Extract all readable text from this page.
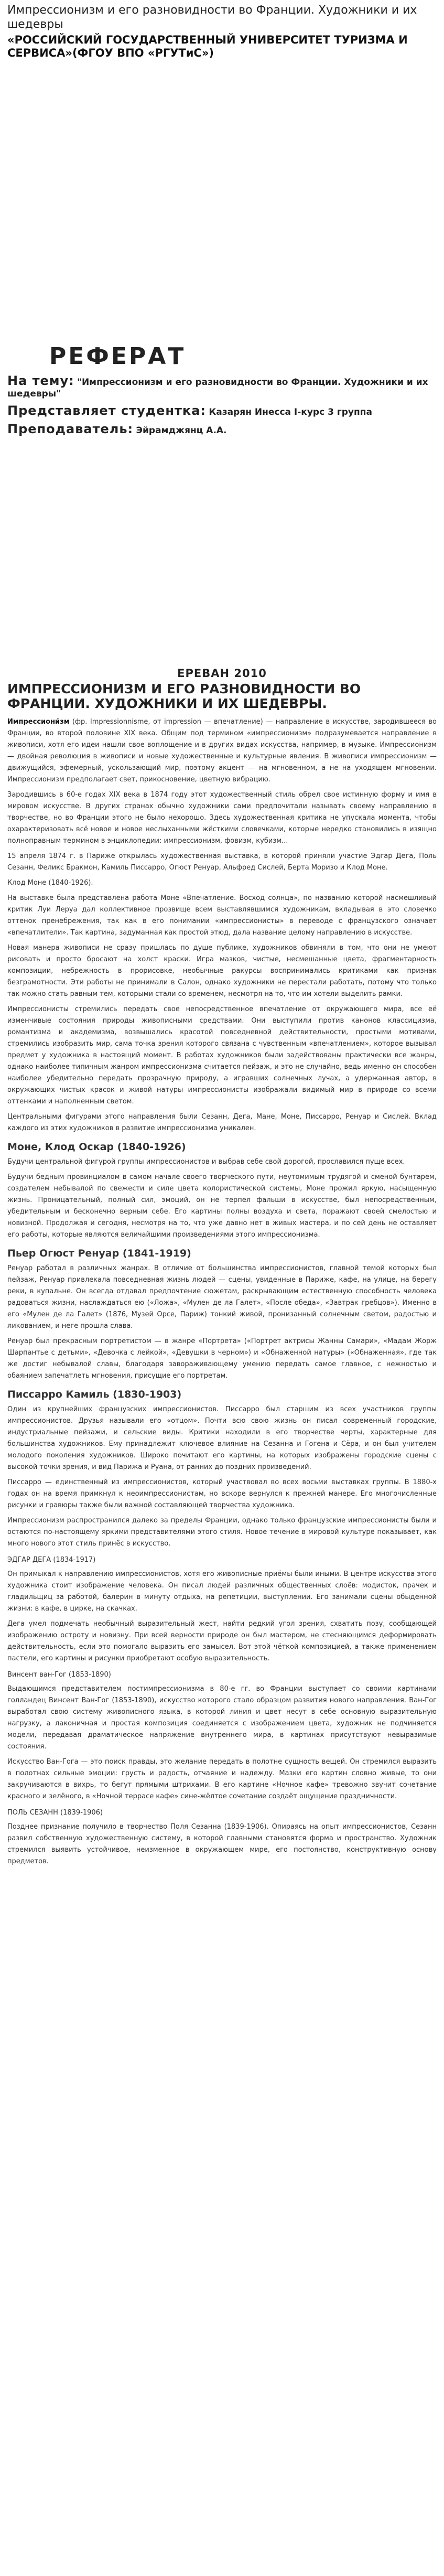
Импрессионизм и его разновидности во Франции. Художники и их шедевры

«РОССИЙСКИЙ ГОСУДАРСТВЕННЫЙ УНИВЕРСИТЕТ ТУРИЗМА И СЕРВИСА»(ФГОУ ВПО «РГУТиС»)

РЕФЕРАТ
На тему: "Импрессионизм и его разновидности во Франции. Художники и их шедевры"
Представляет студентка: Казарян Инесса I-курс 3 группа
Преподаватель: Эйрамджянц А.А.
ЕРЕВАН 2010
ИМПРЕССИОНИЗМ И ЕГО РАЗНОВИДНОСТИ ВО ФРАНЦИИ. ХУДОЖНИКИ И ИХ ШЕДЕВРЫ.

Импрессиони́зм (фр. Impressionnisme, от impression — впечатление) — направление в искусстве, зародившееся во Франции, во второй половине XIX века. Общим под термином «импрессионизм» подразумевается направление в живописи, хотя его идеи нашли свое воплощение и в других видах искусства, например, в музыке. Импрессионизм — двойная революция в живописи и новые художественные и культурные явления. В живописи импрессионизм — движущийся, эфемерный, ускользающий мир, поэтому акцент — на мгновенном, а не на уходящем мгновении. Импрессионизм предполагает свет, прикосновение, цветную вибрацию.

Зародившись в 60-е годах XIX века в 1874 году этот художественный стиль обрел свое истинную форму и имя в мировом искусстве. В других странах обычно художники сами предпочитали называть своему направлению в творчестве, но во Франции этого не было нехорошо. Здесь художественная критика не упускала момента, чтобы охарактеризовать всё новое и новое неслыханными жёсткими словечками, которые нередко становились в изящно полноправным термином в энциклопедии: импрессионизм, фовизм, кубизм...

15 апреля 1874 г. в Париже открылась художественная выставка, в которой приняли участие Эдгар Дега, Поль Сезанн, Феликс Бракмон, Камиль Писсарро, Огюст Ренуар, Альфред Сислей, Берта Моризо и Клод Моне.

Клод Моне (1840-1926).

На выставке была представлена работа Моне «Впечатление. Восход солнца», по названию которой насмешливый критик Луи Леруа дал коллективное прозвище всем выставлявшимся художникам, вкладывая в это словечко оттенок пренебрежения, так как в его понимании «импрессионисты» в переводе с французского означает «впечатлители». Так картина, задуманная как простой этюд, дала название целому направлению в искусстве.

Новая манера живописи не сразу пришлась по душе публике, художников обвиняли в том, что они не умеют рисовать и просто бросают на холст краски. Игра мазков, чистые, несмешанные цвета, фрагментарность композиции, небрежность в прорисовке, необычные ракурсы воспринимались критиками как признак безграмотности. Эти работы не принимали в Салон, однако художники не перестали работать, потому что только так можно стать равным тем, которыми стали со временем, несмотря на то, что им хотели выделить рамки.

Импрессионисты стремились передать свое непосредственное впечатление от окружающего мира, все её изменчивые состояния природы живописными средствами. Они выступили против канонов классицизма, романтизма и академизма, возвышались красотой повседневной действительности, простыми мотивами, стремились изобразить мир, сама точка зрения которого связана с чувственным «впечатлением», которое вызывал предмет у художника в настоящий момент. В работах художников были задействованы практически все жанры, однако наиболее типичным жанром импрессионизма считается пейзаж, и это не случайно, ведь именно он способен наиболее убедительно передать прозрачную природу, а игравших солнечных лучах, а удержанная автор, в окружающих чистых красок и живой натуры импрессионисты изображали видимый мир в природе со всеми оттенками и наполненным светом.

Центральными фигурами этого направления были Сезанн, Дега, Мане, Моне, Писсарро, Ренуар и Сислей. Вклад каждого из этих художников в развитие импрессионизма уникален.

Моне, Клод Оскар (1840-1926)

Будучи центральной фигурой группы импрессионистов и выбрав себе свой дорогой, прославился пуще всех.

Будучи бедным провинциалом в самом начале своего творческого пути, неутомимым трудягой и сменой бунтарем, создателем небывалой по свежести и силе цвета колористической системы, Моне прожил яркую, насыщенную жизнь. Проницательный, полный сил, эмоций, он не терпел фальши в искусстве, был непосредственным, убедительным и бесконечно верным себе. Его картины полны воздуха и света, поражают своей смелостью и новизной. Продолжая и сегодня, несмотря на то, что уже давно нет в живых мастера, и по сей день не оставляет его работы, которые являются величайшими произведениями этого импрессионизма.

Пьер Огюст Ренуар (1841-1919)

Ренуар работал в различных жанрах. В отличие от большинства импрессионистов, главной темой которых был пейзаж, Ренуар привлекала повседневная жизнь людей — сцены, увиденные в Париже, кафе, на улице, на берегу реки, в купальне. Он всегда отдавал предпочтение сюжетам, раскрывающим естественную способность человека радоваться жизни, наслаждаться ею («Ложа», «Мулен де ла Галет», «После обеда», «Завтрак гребцов»). Именно в его «Мулен де ла Галет» (1876, Музей Орсе, Париж) тонкий живой, пронизанный солнечным светом, радостью и ликованием, и неге прошла слава.

Ренуар был прекрасным портретистом — в жанре «Портрета» («Портрет актрисы Жанны Самари», «Мадам Жорж Шарпантье с детьми», «Девочка с лейкой», «Девушки в черном») и «Обнаженной натуры» («Обнаженная», где так же достиг небывалой славы, благодаря завораживающему умению передать самое главное, с нежностью и обаянием запечатлеть мгновения, присущие его портретам.

Писсарро Камиль (1830-1903)

Один из крупнейших французских импрессионистов. Писсарро был старшим из всех участников группы импрессионистов. Друзья называли его «отцом». Почти всю свою жизнь он писал современный городские, индустриальные пейзажи, и сельские виды. Критики находили в его творчестве черты, характерные для большинства художников. Ему принадлежит ключевое влияние на Сезанна и Гогена и Сёра, и он был учителем молодого поколения художников. Широко почитают его картины, на которых изображены городские сцены с высокой точки зрения, и вид Парижа и Руана, от ранних до поздних произведений.

Писсарро — единственный из импрессионистов, который участвовал во всех восьми выставках группы. В 1880-х годах он на время примкнул к неоимпрессионистам, но вскоре вернулся к прежней манере. Его многочисленные рисунки и гравюры также были важной составляющей творчества художника.

Импрессионизм распространился далеко за пределы Франции, однако только французские импрессионисты были и остаются по-настоящему яркими представителями этого стиля. Новое течение в мировой культуре показывает, как много нового этот стиль принёс в искусство.

ЭДГАР ДЕГА (1834-1917)

Он примыкал к направлению импрессионистов, хотя его живописные приёмы были иными. В центре искусства этого художника стоит изображение человека. Он писал людей различных общественных слоёв: модисток, прачек и гладильщиц за работой, балерин в минуту отдыха, на репетиции, выступлении. Его занимали сцены обыденной жизни: в кафе, в цирке, на скачках.

Дега умел подмечать необычный выразительный жест, найти редкий угол зрения, схватить позу, сообщающей изображению остроту и новизну. При всей верности природе он был мастером, не стесняющимся деформировать действительность, если это помогало выразить его замысел. Вот этой чёткой композицией, а также применением пастели, его картины и рисунки приобретают особую выразительность.

Винсент ван-Гог (1853-1890)

Выдающимся представителем постимпрессионизма в 80-е гг. во Франции выступает со своими картинами голландец Винсент Ван-Гог (1853-1890), искусство которого стало образцом развития нового направления. Ван-Гог выработал свою систему живописного языка, в которой линия и цвет несут в себе основную выразительную нагрузку, а лаконичная и простая композиция соединяется с изображением цвета, художник не подчиняется модели, передавая драматическое напряжение внутреннего мира, в картинах присутствуют невыразимые состояния.

Искусство Ван-Гога — это поиск правды, это желание передать в полотне сущность вещей. Он стремился выразить в полотнах сильные эмоции: грусть и радость, отчаяние и надежду. Мазки его картин словно живые, то они закручиваются в вихрь, то бегут прямыми штрихами. В его картине «Ночное кафе» тревожно звучит сочетание красного и зелёного, в «Ночной террасе кафе» сине-жёлтое сочетание создаёт ощущение праздничности.

ПОЛЬ СЕЗАНН (1839-1906)

Позднее признание получило в творчество Поля Сезанна (1839-1906). Опираясь на опыт импрессионистов, Сезанн развил собственную художественную систему, в которой главными становятся форма и пространство. Художник стремился выявить устойчивое, неизменное в окружающем мире, его постоянство, конструктивную основу предметов.
